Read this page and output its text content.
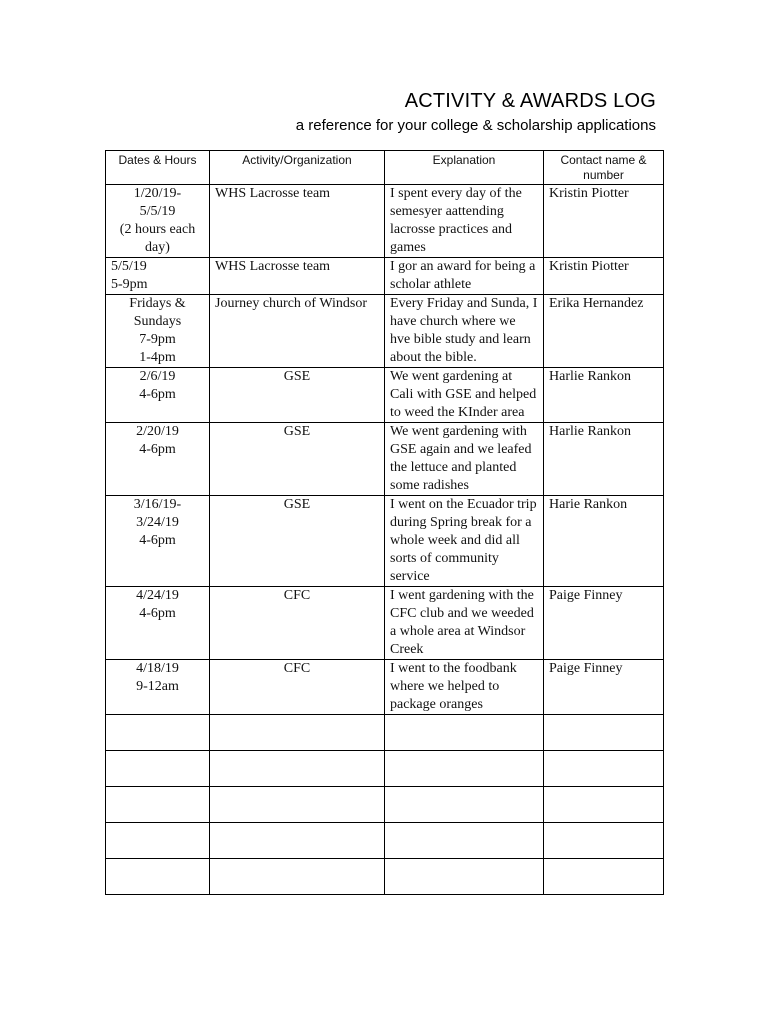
ACTIVITY & AWARDS LOG
a reference for your college & scholarship applications
Dates & Hours	Activity/Organization	Explanation	Contact name & number
1/20/19-
5/5/19
(2 hours each
day)	WHS Lacrosse team	I spent every day of the semesyer aattending lacrosse practices and games	Kristin Piotter
5/5/19
5-9pm	WHS Lacrosse team	I gor an award for being a scholar athlete	Kristin Piotter
Fridays &
Sundays
7-9pm
1-4pm	Journey church of Windsor	Every Friday and Sunda, I have church where we hve bible study and learn about the bible.	Erika Hernandez
2/6/19
4-6pm	GSE	We went gardening at Cali with GSE and helped to weed the KInder area	Harlie Rankon
2/20/19
4-6pm	GSE	We went gardening with GSE again and we leafed the lettuce and planted some radishes	Harlie Rankon
3/16/19-
3/24/19
4-6pm	GSE	I went on the Ecuador trip during Spring break for a whole week and did all sorts of community service	Harie Rankon
4/24/19
4-6pm	CFC	I went gardening with the CFC club and we weeded a whole area at Windsor Creek	Paige Finney
4/18/19
9-12am	CFC	I went to the foodbank where we helped to package oranges	Paige Finney
